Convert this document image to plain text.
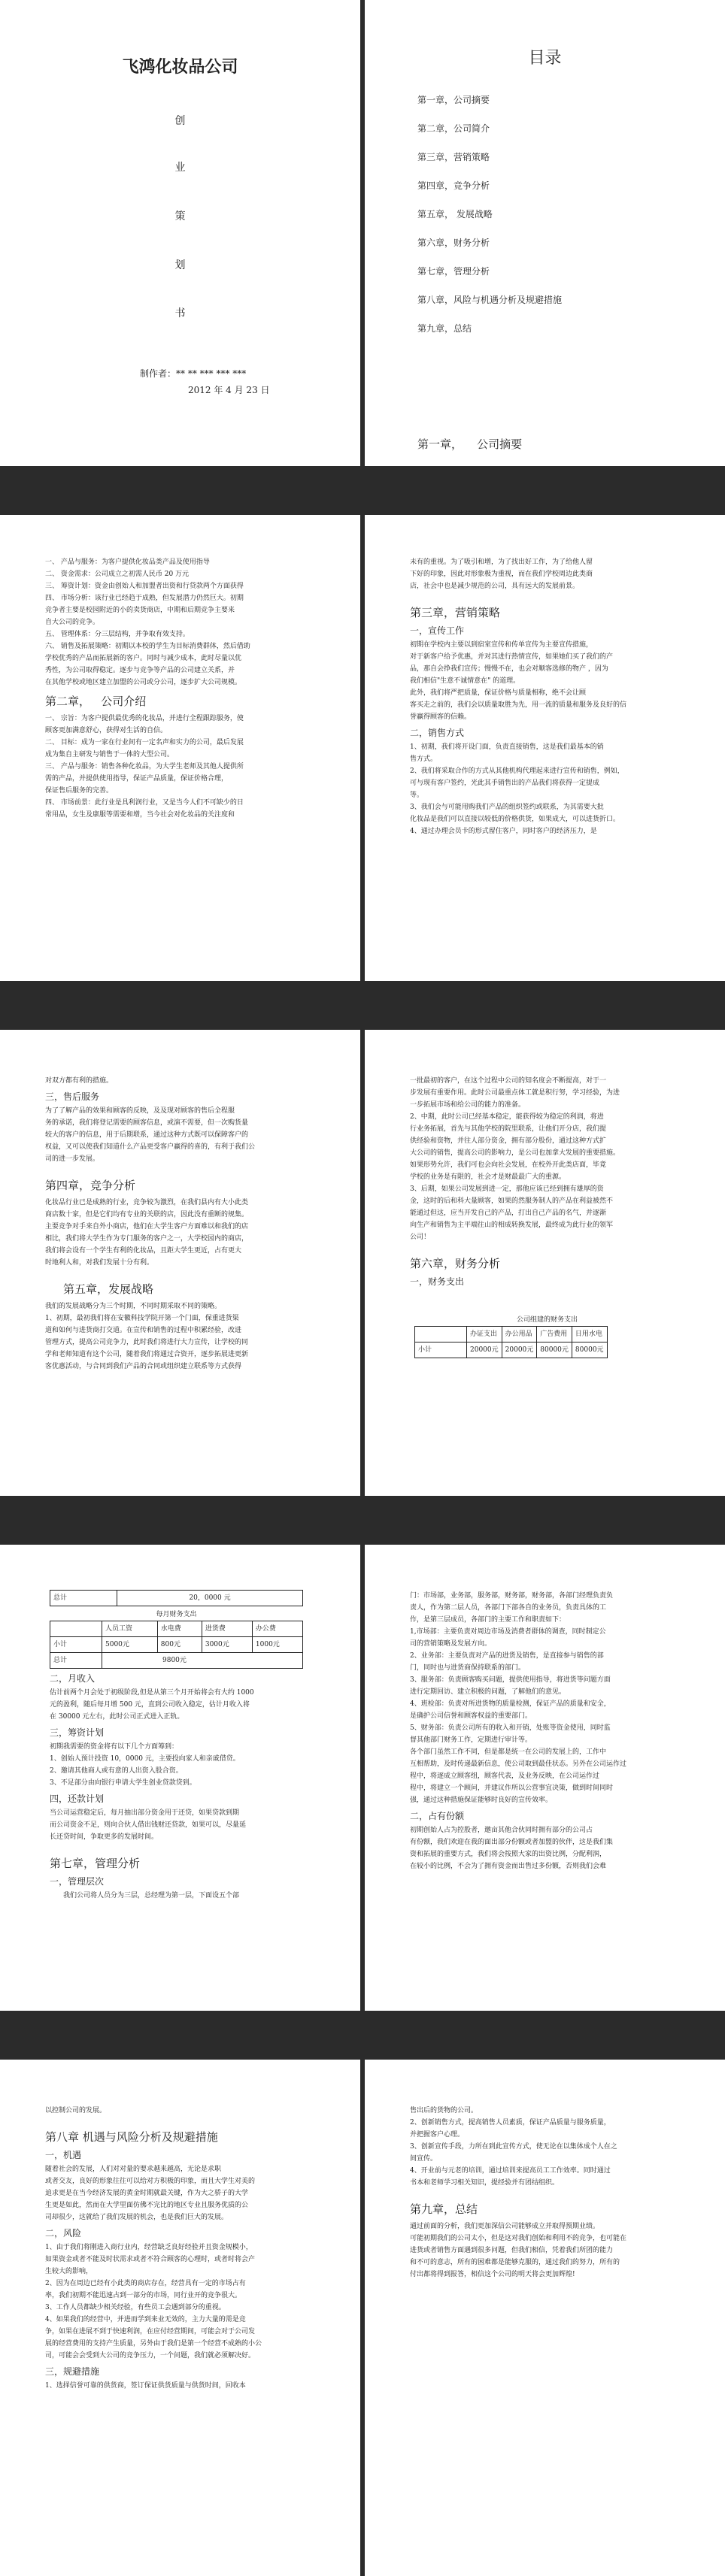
飞鸿化妆品公司
创
业
策
划
书
制作者：** ** *** *** ***
2012 年 4 月 23 日
目录
第一章，公司摘要
第二章，公司简介
第三章，营销策略
第四章，竞争分析
第五章， 发展战略
第六章，财务分析
第七章，管理分析
第八章，风险与机遇分析及规避措施
第九章，总结
第一章，    公司摘要
一、 产品与服务：为客户提供化妆品类产品及使用指导
二、 资金需求：公司成立之初需人民币 20 万元
三、 筹资计划：资金由创始人和加盟者出资和行贷款两个方面获得
四、 市场分析：该行业已经趋于成熟，但发展潜力仍然巨大。初期
竞争者主要是校园附近的小的卖货商店，中期和后期竞争主要来
自大公司的竞争。
五、 管理体系：分三层结构，并争取有效支持。
六、 销售及拓展策略：初期以本校的学生为目标消费群体，然后借助
学校优秀的产品而拓展新的客户。同时与减少成本，此时尽量以优
秀性，为公司取得稳定。逐步与竞争等产品的公司建立关系，并
在其他学校或地区建立加盟的公司或分公司，逐步扩大公司规模。
第二章，   公司介绍
一、 宗旨：为客户提供最优秀的化妆品，并进行全程跟踪服务，使
顾客更加满意舒心，获得对生活的自信。
二、 目标：成为一家在行业间有一定名声和实力的公司，最后发展
成为集自主研发与销售于一体的大型公司。
三、 产品与服务：销售各种化妆品，为大学生老师及其他人提供所
需的产品，并提供使用指导，保证产品质量，保证价格合理，
保证售后服务的完善。
四、 市场前景：此行业是具利润行业，又是当今人们不可缺少的日
常用品，女生及康服等需要和增，当今社会对化妆品的关注度和
未有的重视。为了吸引和增，为了找出好工作，为了给他人留
下好的印象，因此对形象极为重视，而在我们学校周边此类商
店，社会中也是减少规范的公司，具有远大的发展前景。
第三章，营销策略
一，宣传工作
初期在学校内主要以到宿室宣传和传单宣传为主要宣传措施，
对于新客户给予优惠，并对其进行热情宣传，如果她们买了我们的产
品，那自会挣我们宣传；慢慢不在，也会对顺客选修的物产 ，因为
我们相信"生意不诚情意在" 的道理。
此外，我们将严把质量，保证价格与质量相称，绝不会让顾
客买走之前的，我们会以质量取胜为先，用一流的质量和服务及良好的信
誉赢得顾客的信赖。
二，销售方式
1、初期，我们将开设门面，负责直接销售，这是我们最基本的销
售方式。
2、我们将采取合作的方式从其他机构代理起来进行宣传和销售，例如，
可与现有客户签约，光此其手销售出的产品我们将获得一定提成
等。
3、我们会与可能用购我们产品的组织签约或联系，为其需要大批
化妆品是我们可以直接以较低的价格供货，如果成大，可以进货折口。
4、通过办理会员卡的形式留住客户，同时客户的经济压力，是
对双方都有利的措施。
三，售后服务
为了了解产品的效果和顾客的反映，及及现对顾客的售后全程服
务的承诺，我们将登记需要的顾客信息，或演不需要，但一次购货量
较大的客户的信息，用于后期联系，通过这种方式既可以保障客户的
权益，又可以使我们知道什么产品更受客户赢得的喜的，有利于我们公
司的进一步发展。
第四章，竞争分析
化妆品行业已是成熟的行业，竞争较为激烈，在我们县内有大小此类
商店数十家，但是它们均有专业的关联的店，因此没有重断的规集。
主要竞争对手来自外小商店，他们在大学生客户方面难以和我们的店
相比，我们将大学生作为专门服务的客户之一，大学校园内的商店，
我们将会设有一个学生有利的化妆品，且距大学生更近，占有更大
时地利人和，对我们发展十分有利。
第五章，发展战略
我们的发展战略分为三个时期，不同时期采取不同的策略。
1、初期，最初我们将在安徽科技学院开第一个门面，保重进货渠
道和如何与进货商打交道。在宣传和销售的过程中积累经验，改进
管理方式，提高公司竞争力，此时我们将进行大力宣传，让学校的同
学和老师知道有这个公司，随着我们将通过合资开，逐步拓展进更新
客优惠活动，与合同到我们产品的合同或组织建立联系等方式获得
一批最初的客户，在这个过程中公司的知名度会不断提高，对于一
步发展有重要作用。此时公司最重点体工就是积行努，学习经验，为进
一步拓展市场和给公司的能力的准备。
2、中期，此时公司已经基本稳定，能获得较为稳定的利润，将进
行业务拓展，首先与其他学校的院里联系，让他们开分店，我们提
供经验和资物，并往人部分资金，拥有部分股份，通过这种方式扩
大公司的销售，提高公司的影响力，是公司也加拿大发展的重要措施。
如果形势允许，我们可也会向社会发展，在校外开此类店面，毕竟
学校的业务是有限的，社会才是财最最广大的重源。
3、后期，如果公司发展到进一定，那他应该已经到拥有雄厚的资
金，这时的后和科大量顾客，如果的然服务制人的产品在利益被然不
能通过但这，应当开发自己的产品，打出自己产品的名气，并逐渐
向生产和销售为主平端往山的相成转换发展，最终成为此行业的领军
公司！
第六章，财务分析
一，财务支出
公司组建的财务支出
	办证支出	办公用品	广告费用	日用水电
小计	20000元	20000元	80000元	80000元
总计	20，0000 元
每月财务支出
	人员工资	水电费	进货费	办公费
小计	5000元	800元	3000元	1000元
总计	9800元			
二，月收入
估计前两个月会处于初级阶段,但是从第三个月开始将会有大约 1000
元的盈利，随后每月增 500 元，直到公司收入稳定，估计月收入将
在 30000 元左右，此时公司正式进入正轨。
三，筹资计划
初期我需要的资金将有以下几个方面筹到：
1、创始人预计投资 10，0000 元，主要投向家人和亲戚借贷。
2、邀请其他商人或有意的人出资入股合资。
3、不足部分由向银行申请大学生创业贷款贷到。
四，还款计划
当公司运营稳定后，每月抽出部分资金用于还贷，如果贷款到期
而公司资金不足，则向合伙人借出钱财还贷款，如果可以，尽量延
长还贷时间，争取更多的发展时间。
第七章，管理分析
一，管理层次
我们公司将人员分为三层，总经理为第一层，下面设五个部
门：市场部，业务部，服务部，财务部，财务部，各部门经理负责负
责人，作为第二层人员，各部门下部各自的业务员，负责具体的工
作，是第三层成员，各部门的主要工作和职责如下：
1,市场部：主要负责对周边市场及消费者群体的调查，同时制定公
司的营销策略及发展方向。
2、业务部：主要负责对产品的进货及销售，是直接参与销售的部
门，同时也与进货商保持联系的部门。
3、服务部：负责顾客购买问题，提供使用指导，将进货等问题方面
进行定期回访、建立积极的问题，了解他们的意见。
4、班检部：负责对所进货物的质量检测，保证产品的质量和安全，
是确护公司信誉和顾客权益的重要部门。
5、财务部：负责公司所有的收入和开销，处账等资金使用，同时监
督其他部门财务工作，定期进行审计等。
各个部门虽然工作不同，但是都是统一在公司的发展上的，工作中
互相帮助，及时传递最新信息，使公司取到最佳状态。另外在公司运作过
程中，将逐成立顾客组，顾客代表，及业务反映，在公司运作过
程中，将建立一个顾问，并建议作所以公营事宜决策，做到时间同时
强，通过这种措施保证能够时良好的宣传效率。
二，占有份额
初期创始人占为控股者，邀亩其他合伙同时拥有部分的公司占
有份额，我们欢迎在我的面出部分份额或者加盟的伙伴，这是我们集
资和拓展的重要方式，我们将会按照大家的出资比例，分配利润，
在较小的比例，不会为了拥有资金而出售过多份额，否则我们会难
以控制公司的发展。
第八章 机遇与风险分析及规避措施
一，机遇
随着社会的发展，人们对对量的要求越来越高，无论是求职
或者交友，良好的形象往往可以给对方积极的印象，而且大学生对美的
追求更是在当今经济发展的黄金时期就最关键，作为大之骄子的大学
生更是如此，然而在大学里面仿佛不完比的地区专业且服务优质的公
司却很少，这就给了我们发展的机会，也是我们巨大的发展。
二，风险
1、由于我们将刚进入商行业内，经营缺乏良好经验并且资金规模小，
如果资金或者不能及时状需求或者不符合顾客的心理时，或者时将会产
生较大的影响，
2、因为在周边已经有小此类的商店存在，经营具有一定的市场占有
率，我们初期不能迅速占到一部分的市场，同行业开的竞争很大。
3、工作人员都缺少相关经验，有些员工会遇到部分的重视。
4、如果我们的经营中，并进而学到来业无效的，主力大量的需是竞
争，如果在进展不到于快速利润，在应付经营期间，可能会对于公司发
展的经营费用的支持产生质量，另外由于我们是第一个经营不成熟的小公
司，可能会会受到大公司的竞争压力，一个问题，我们就必须解决好。
三，规避措施
1、选择信誉可靠的供货商，签订保证供货质量与供货时间，回收本
售出后的货物的公司。
2、创新销售方式，提高销售人员素质，保证产品质量与服务质量，
并把握客户心理。
3、创新宣传手段，力所在到此宣传方式，使无论在以集体成个人在之
间宣传。
4、开业前与元老的培训，通过培训来提高员工工作效率。同时通过
书本和老师学习相关知识，提经验并有团结组织。
第九章，总结
通过前面的分析，我们更加深信公司能够成立并取得预期业绩。
可能初期我们的公司太小，但是这对我们创始和利用不的竞争，也可能在
进货或者销售方面遇到很多问题，但我们相信，凭着我们所团的能力
和不可的意志，所有的困难都是能够克服的，通过我们的努力，所有的
付出都将得到报答，相信这个公司的明天将会更加辉煌!
